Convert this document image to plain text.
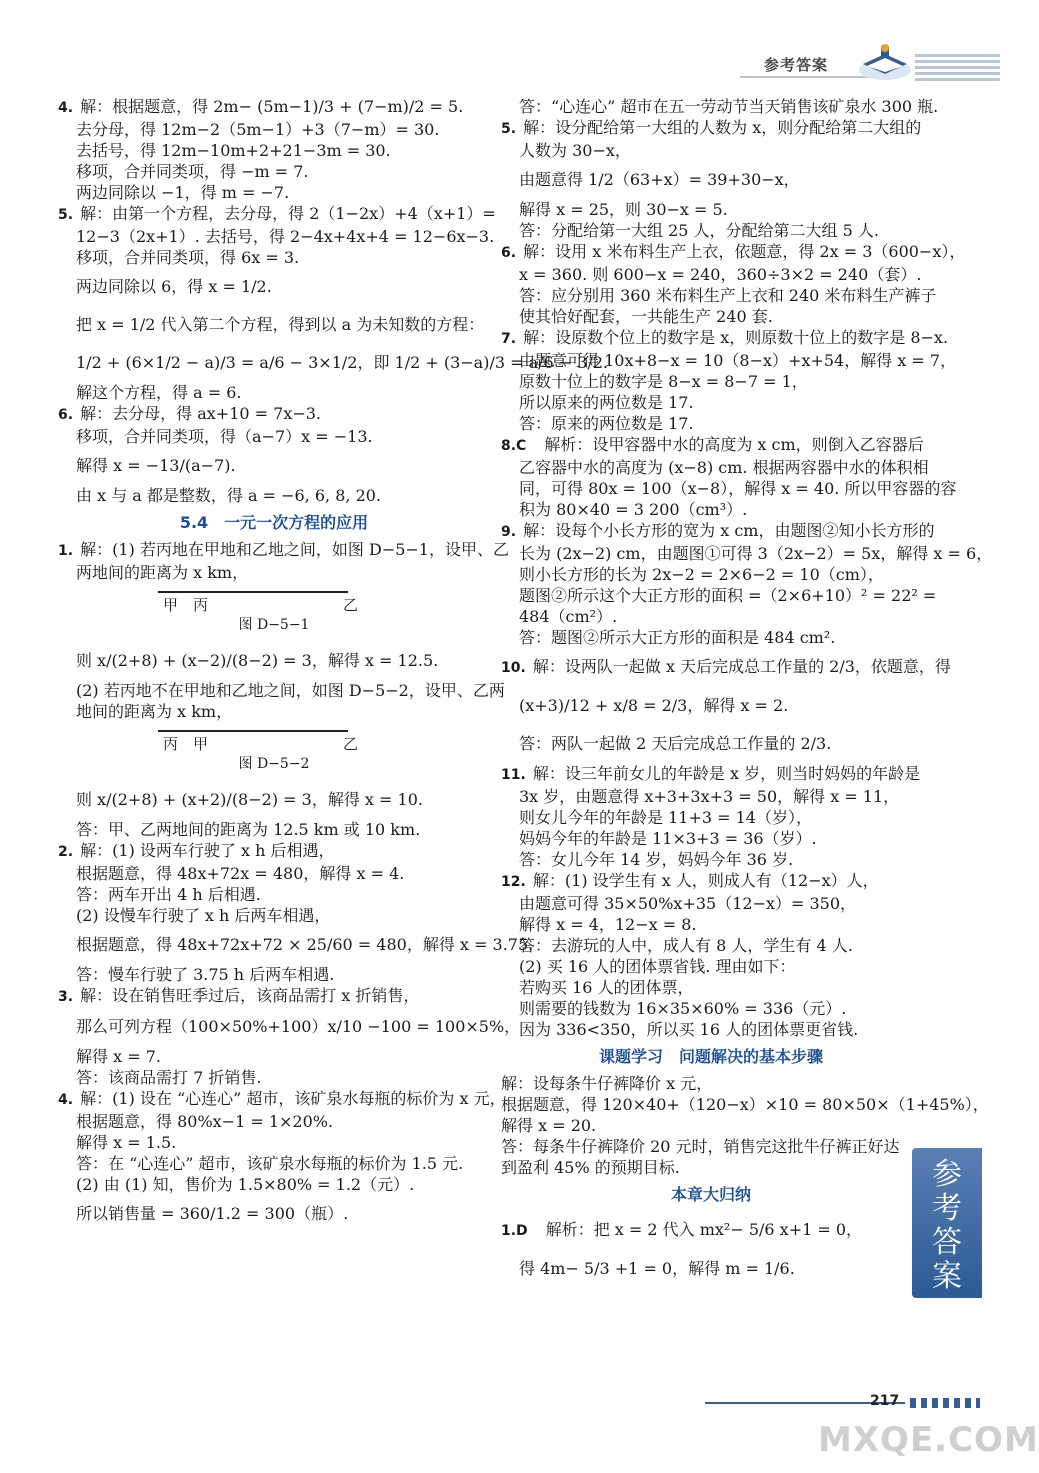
参考答案

4. 解：根据题意，得 2m− (5m−1)/3 + (7−m)/2 = 5.

去分母，得 12m−2（5m−1）+3（7−m）= 30.

去括号，得 12m−10m+2+21−3m = 30.

移项，合并同类项，得 −m = 7.

两边同除以 −1，得 m = −7.

5. 解：由第一个方程，去分母，得 2（1−2x）+4（x+1）=

12−3（2x+1）. 去括号，得 2−4x+4x+4 = 12−6x−3.

移项，合并同类项，得 6x = 3.

两边同除以 6，得 x = 1/2.

把 x = 1/2 代入第二个方程，得到以 a 为未知数的方程：

1/2 + (6×1/2 − a)/3 = a/6 − 3×1/2，即 1/2 + (3−a)/3 = a/6 − 3/2.

解这个方程，得 a = 6.

6. 解：去分母，得 ax+10 = 7x−3.

移项，合并同类项，得（a−7）x = −13.

解得 x = −13/(a−7).

由 x 与 a 都是整数，得 a = −6, 6, 8, 20.

5.4　一元一次方程的应用

1. 解：(1) 若丙地在甲地和乙地之间，如图 D−5−1，设甲、乙

两地间的距离为 x km，

甲 丙	乙

图 D−5−1

则 x/(2+8) + (x−2)/(8−2) = 3，解得 x = 12.5.

(2) 若丙地不在甲地和乙地之间，如图 D−5−2，设甲、乙两

地间的距离为 x km，

丙 甲	乙

图 D−5−2

则 x/(2+8) + (x+2)/(8−2) = 3，解得 x = 10.

答：甲、乙两地间的距离为 12.5 km 或 10 km.

2. 解：(1) 设两车行驶了 x h 后相遇，

根据题意，得 48x+72x = 480，解得 x = 4.

答：两车开出 4 h 后相遇.

(2) 设慢车行驶了 x h 后两车相遇，

根据题意，得 48x+72x+72 × 25/60 = 480，解得 x = 3.75.

答：慢车行驶了 3.75 h 后两车相遇.

3. 解：设在销售旺季过后，该商品需打 x 折销售，

那么可列方程（100×50%+100）x/10 −100 = 100×5%，

解得 x = 7.

答：该商品需打 7 折销售.

4. 解：(1) 设在 “心连心” 超市，该矿泉水每瓶的标价为 x 元，

根据题意，得 80%x−1 = 1×20%.

解得 x = 1.5.

答：在 “心连心” 超市，该矿泉水每瓶的标价为 1.5 元.

(2) 由 (1) 知，售价为 1.5×80% = 1.2（元）.

所以销售量 = 360/1.2 = 300（瓶）.

答：“心连心” 超市在五一劳动节当天销售该矿泉水 300 瓶.

5. 解：设分配给第一大组的人数为 x，则分配给第二大组的

人数为 30−x，

由题意得 1/2（63+x）= 39+30−x，

解得 x = 25，则 30−x = 5.

答：分配给第一大组 25 人，分配给第二大组 5 人.

6. 解：设用 x 米布料生产上衣，依题意，得 2x = 3（600−x），

x = 360. 则 600−x = 240，360÷3×2 = 240（套）.

答：应分别用 360 米布料生产上衣和 240 米布料生产裤子

使其恰好配套，一共能生产 240 套.

7. 解：设原数个位上的数字是 x，则原数十位上的数字是 8−x.

由题意可得 10x+8−x = 10（8−x）+x+54，解得 x = 7，

原数十位上的数字是 8−x = 8−7 = 1，

所以原来的两位数是 17.

答：原来的两位数是 17.

8.C　解析：设甲容器中水的高度为 x cm，则倒入乙容器后

乙容器中水的高度为 (x−8) cm. 根据两容器中水的体积相

同，可得 80x = 100（x−8），解得 x = 40. 所以甲容器的容

积为 80×40 = 3 200（cm³）.

9. 解：设每个小长方形的宽为 x cm，由题图②知小长方形的

长为 (2x−2) cm，由题图①可得 3（2x−2）= 5x，解得 x = 6，

则小长方形的长为 2x−2 = 2×6−2 = 10（cm），

题图②所示这个大正方形的面积 =（2×6+10）² = 22² =

484（cm²）.

答：题图②所示大正方形的面积是 484 cm².

10. 解：设两队一起做 x 天后完成总工作量的 2/3，依题意，得

(x+3)/12 + x/8 = 2/3，解得 x = 2.

答：两队一起做 2 天后完成总工作量的 2/3.

11. 解：设三年前女儿的年龄是 x 岁，则当时妈妈的年龄是

3x 岁，由题意得 x+3+3x+3 = 50，解得 x = 11，

则女儿今年的年龄是 11+3 = 14（岁），

妈妈今年的年龄是 11×3+3 = 36（岁）.

答：女儿今年 14 岁，妈妈今年 36 岁.

12. 解：(1) 设学生有 x 人，则成人有（12−x）人，

由题意可得 35×50%x+35（12−x）= 350，

解得 x = 4，12−x = 8.

答：去游玩的人中，成人有 8 人，学生有 4 人.

(2) 买 16 人的团体票省钱. 理由如下：

若购买 16 人的团体票，

则需要的钱数为 16×35×60% = 336（元）.

因为 336<350，所以买 16 人的团体票更省钱.

课题学习　问题解决的基本步骤

解：设每条牛仔裤降价 x 元，

根据题意，得 120×40+（120−x）×10 = 80×50×（1+45%），

解得 x = 20.

答：每条牛仔裤降价 20 元时，销售完这批牛仔裤正好达

到盈利 45% 的预期目标.

本章大归纳

1.D　解析：把 x = 2 代入 mx²− 5/6 x+1 = 0，

得 4m− 5/3 +1 = 0，解得 m = 1/6.

参考答案
217
MXQE.COM
